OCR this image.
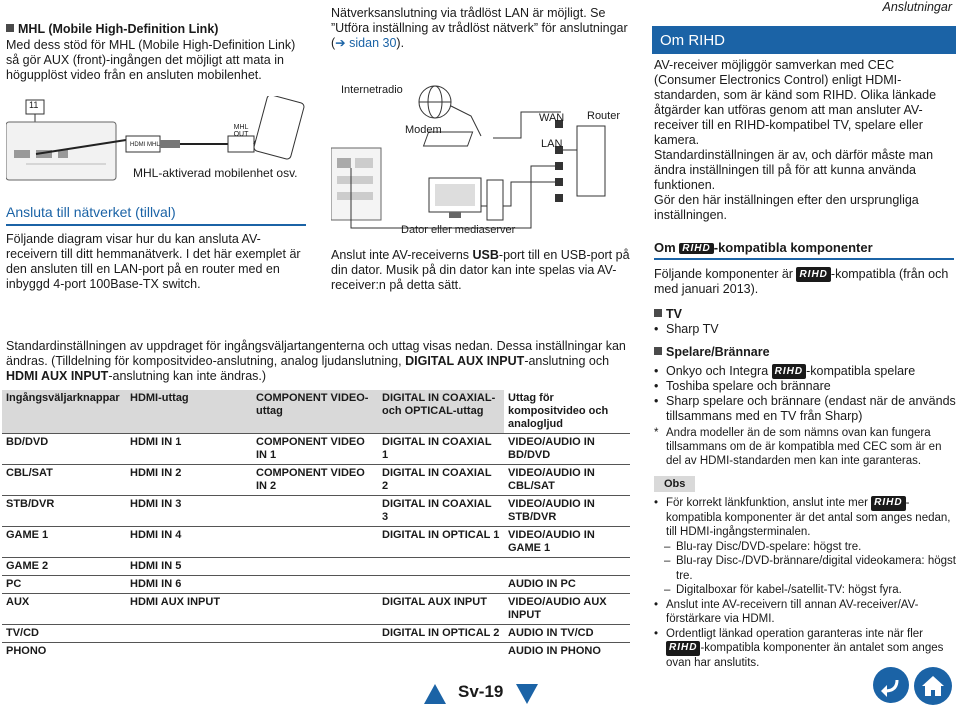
Anslutningar
MHL (Mobile High-Definition Link)
Med dess stöd för MHL (Mobile High-Definition Link) så gör AUX (front)-ingången det möjligt att mata in högupplöst video från en ansluten mobilenhet.
11
HDMI MHL
MHL OUT
MHL-aktiverad mobilenhet osv.
Ansluta till nätverket (tillval)
Följande diagram visar hur du kan ansluta AV-receivern till ditt hemmanätverk. I det här exemplet är den ansluten till en LAN-port på en router med en inbyggd 4-port 100Base-TX switch.
Nätverksanslutning via trådlöst LAN är möjligt. Se
”Utföra inställning av trådlöst nätverk” för anslutningar
(➔ sidan 30).
Internetradio
Modem
WAN
LAN
Router
Dator eller mediaserver
Anslut inte AV-receiverns USB-port till en USB-port på din dator. Musik på din dator kan inte spelas via AV-receiver:n på detta sätt.
Standardinställningen av uppdraget för ingångsväljartangenterna och uttag visas nedan. Dessa inställningar kan ändras. (Tilldelning för kompositvideo-anslutning, analog ljudanslutning, DIGITAL AUX INPUT-anslutning och HDMI AUX INPUT-anslutning kan inte ändras.)
Ingångsväljarknappar	HDMI-uttag	COMPONENT VIDEO-uttag	DIGITAL IN COAXIAL- och OPTICAL-uttag	Uttag för kompositvideo och analogljud
BD/DVD	HDMI IN 1	COMPONENT VIDEO IN 1	DIGITAL IN COAXIAL 1	VIDEO/AUDIO IN BD/DVD
CBL/SAT	HDMI IN 2	COMPONENT VIDEO IN 2	DIGITAL IN COAXIAL 2	VIDEO/AUDIO IN CBL/SAT
STB/DVR	HDMI IN 3		DIGITAL IN COAXIAL 3	VIDEO/AUDIO IN STB/DVR
GAME 1	HDMI IN 4		DIGITAL IN OPTICAL 1	VIDEO/AUDIO IN GAME 1
GAME 2	HDMI IN 5			
PC	HDMI IN 6			AUDIO IN PC
AUX	HDMI AUX INPUT		DIGITAL AUX INPUT	VIDEO/AUDIO AUX INPUT
TV/CD			DIGITAL IN OPTICAL 2	AUDIO IN TV/CD
PHONO				AUDIO IN PHONO
Om RIHD
AV-receiver möjliggör samverkan med CEC (Consumer Electronics Control) enligt HDMI-standarden, som är känd som RIHD. Olika länkade åtgärder kan utföras genom att man ansluter AV-receiver till en RIHD-kompatibel TV, spelare eller kamera.
Standardinställningen är av, och därför måste man ändra inställningen till på för att kunna använda funktionen.
Gör den här inställningen efter den ursprungliga inställningen.
Om RIHD -kompatibla komponenter
Följande komponenter är RIHD -kompatibla (från och med januari 2013).
TV
• Sharp TV
Spelare/Brännare
• Onkyo och Integra RIHD -kompatibla spelare
• Toshiba spelare och brännare
• Sharp spelare och brännare (endast när de används tillsammans med en TV från Sharp)
* Andra modeller än de som nämns ovan kan fungera tillsammans om de är kompatibla med CEC som är en del av HDMI-standarden men kan inte garanteras.
Obs
• För korrekt länkfunktion, anslut inte mer RIHD -kompatibla komponenter är det antal som anges nedan, till HDMI-ingångsterminalen.
– Blu-ray Disc/DVD-spelare: högst tre.
– Blu-ray Disc-/DVD-brännare/digital videokamera: högst tre.
– Digitalboxar för kabel-/satellit-TV: högst fyra.
• Anslut inte AV-receivern till annan AV-receiver/AV-förstärkare via HDMI.
• Ordentligt länkad operation garanteras inte när fler RIHD -kompatibla komponenter än antalet som anges ovan har anslutits.
Sv-19
